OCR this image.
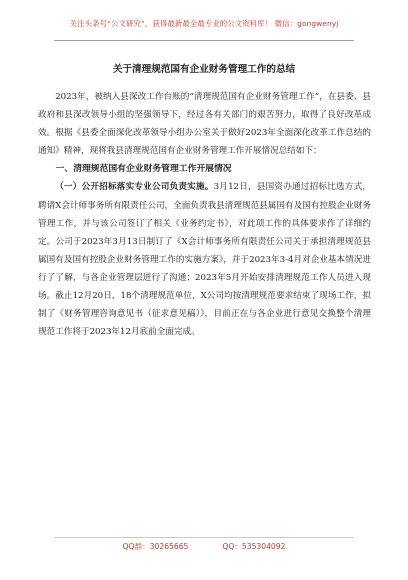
关注头条号“公文研究”，获得最新最全最专业的公文资料库！ 微信：gongwenyj
关于清理规范国有企业财务管理工作的总结

2023年，被纳入县深改工作台账的“清理规范国有企业财务管理工作”，在县委、县政府和县深改领导小组的坚强领导下，经过各有关部门的艰苦努力，取得了良好改革成效。根据《县委全面深化改革领导小组办公室关于做好2023年全面深化改革工作总结的通知》精神，现将我县清理规范国有企业财务管理工作开展情况总结如下：

一、清理规范国有企业财务管理工作开展情况

（一）公开招标落实专业公司负责实施。3月12日，县国资办通过招标比选方式，聘请X会计师事务所有限责任公司，全面负责我县清理规范县属国有及国有控股企业财务管理工作，并与该公司签订了相关《业务约定书》，对此项工作的具体要求作了详细约定。公司于2023年3月13日制订了《X会计师事务所有限责任公司关于承担清理规范县属国有及国有控股企业财务管理工作的实施方案》，并于2023年3-4月对企业基本情况进行了了解，与各企业管理层进行了沟通；2023年5月开始安排清理规范工作人员进入现场。截止12月20日，18个清理规范单位，X公司均按清理规范要求结束了现场工作，拟制了《财务管理咨询意见书（征求意见稿）》，目前正在与各企业进行意见交换整个清理规范工作将于2023年12月底前全面完成。

QQ群：30265665	QQ：535304092
